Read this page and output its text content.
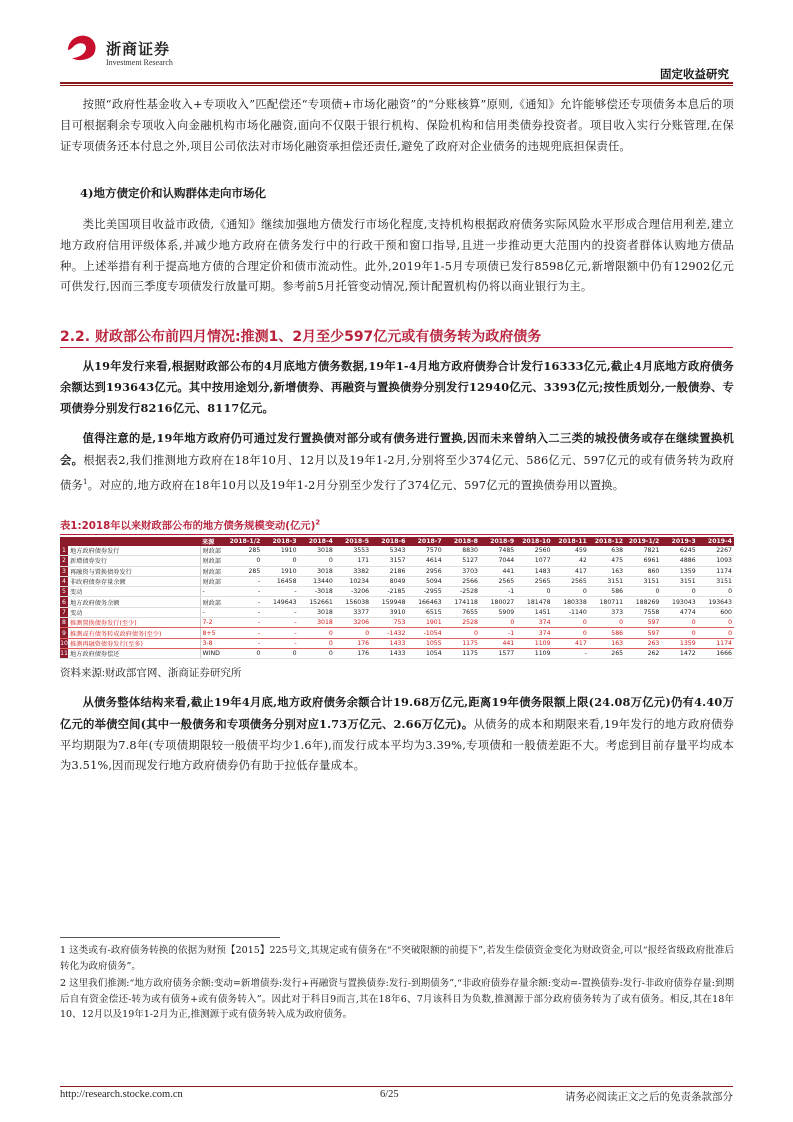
浙商证券
Investment Research
固定收益研究
按照“政府性基金收入+专项收入”匹配偿还“专项债+市场化融资”的“分账核算”原则,《通知》允许能够偿还专项债务本息后的项目可根据剩余专项收入向金融机构市场化融资,面向不仅限于银行机构、保险机构和信用类债券投资者。项目收入实行分账管理,在保证专项债务还本付息之外,项目公司依法对市场化融资承担偿还责任,避免了政府对企业债务的违规兜底担保责任。
4)地方债定价和认购群体走向市场化
类比美国项目收益市政债,《通知》继续加强地方债发行市场化程度,支持机构根据政府债务实际风险水平形成合理信用利差,建立地方政府信用评级体系,并减少地方政府在债务发行中的行政干预和窗口指导,且进一步推动更大范围内的投资者群体认购地方债品种。上述举措有利于提高地方债的合理定价和债市流动性。此外,2019年1-5月专项债已发行8598亿元,新增限额中仍有12902亿元可供发行,因而三季度专项债发行放量可期。参考前5月托管变动情况,预计配置机构仍将以商业银行为主。
2.2. 财政部公布前四月情况:推测1、2月至少597亿元或有债务转为政府债务
从19年发行来看,根据财政部公布的4月底地方债务数据,19年1-4月地方政府债券合计发行16333亿元,截止4月底地方政府债务余额达到193643亿元。其中按用途划分,新增债券、再融资与置换债券分别发行12940亿元、3393亿元;按性质划分,一般债券、专项债券分别发行8216亿元、8117亿元。
值得注意的是,19年地方政府仍可通过发行置换债对部分或有债务进行置换,因而未来曾纳入二三类的城投债务或存在继续置换机会。根据表2,我们推测地方政府在18年10月、12月以及19年1-2月,分别将至少374亿元、586亿元、597亿元的或有债务转为政府债务$^1$。对应的,地方政府在18年10月以及19年1-2月分别至少发行了374亿元、597亿元的置换债券用以置换。
表1:2018年以来财政部公布的地方债务规模变动(亿元)$^2$
		来源	2018-1/2	2018-3	2018-4	2018-5	2018-6	2018-7	2018-8	2018-9	2018-10	2018-11	2018-12	2019-1/2	2019-3	2019-4
1	地方政府债券发行	财政部	285	1910	3018	3553	5343	7570	8830	7485	2560	459	638	7821	6245	2267
2	新增债券发行	财政部	0	0	0	171	3157	4614	5127	7044	1077	42	475	6961	4886	1093
3	再融资与置换债券发行	财政部	285	1910	3018	3382	2186	2956	3703	441	1483	417	163	860	1359	1174
4	非政府债券存量余额	财政部	-	16458	13440	10234	8049	5094	2566	2565	2565	2565	3151	3151	3151	3151
5	变动	-	-	-	-3018	-3206	-2185	-2955	-2528	-1	0	0	586	0	0	0
6	地方政府债务余额	财政部	-	149643	152661	156038	159948	166463	174118	180027	181478	180338	180711	188269	193043	193643
7	变动	-	-	-	3018	3377	3910	6515	7655	5909	1451	-1140	373	7558	4774	600
8	推测置换债券发行(至少)	7-2	-	-	3018	3206	753	1901	2528	0	374	0	0	597	0	0
9	推测或有债务转成政府债务(至少)	8+5	-	-	0	0	-1432	-1054	0	-1	374	0	586	597	0	0
10	推测再融资债券发行(至多)	3-8	-	-	0	176	1433	1055	1175	441	1109	417	163	263	1359	1174
11	地方政府债券偿还	WIND	0	0	0	176	1433	1054	1175	1577	1109	-	265	262	1472	1666
资料来源:财政部官网、浙商证券研究所
从债务整体结构来看,截止19年4月底,地方政府债务余额合计19.68万亿元,距离19年债务限额上限(24.08万亿元)仍有4.40万亿元的举债空间(其中一般债务和专项债务分别对应1.73万亿元、2.66万亿元)。从债务的成本和期限来看,19年发行的地方政府债券平均期限为7.8年(专项债期限较一般债平均少1.6年),而发行成本平均为3.39%,专项债和一般债差距不大。考虑到目前存量平均成本为3.51%,因而现发行地方政府债券仍有助于拉低存量成本。
1 这类或有-政府债务转换的依据为财预【2015】225号文,其规定或有债务在“不突破限额的前提下”,若发生偿债资金变化为财政资金,可以“报经省级政府批准后转化为政府债务”。
2 这里我们推测:“地方政府债务余额:变动=新增债券:发行+再融资与置换债券:发行-到期债务”,“非政府债券存量余额:变动=-置换债券:发行-非政府债券存量:到期后自有资金偿还-转为或有债务+或有债务转入”。因此对于科目9而言,其在18年6、7月该科目为负数,推测源于部分政府债务转为了或有债务。相反,其在18年10、12月以及19年1-2月为正,推测源于或有债务转入成为政府债务。
http://research.stocke.com.cn	6/25	请务必阅读正文之后的免责条款部分
